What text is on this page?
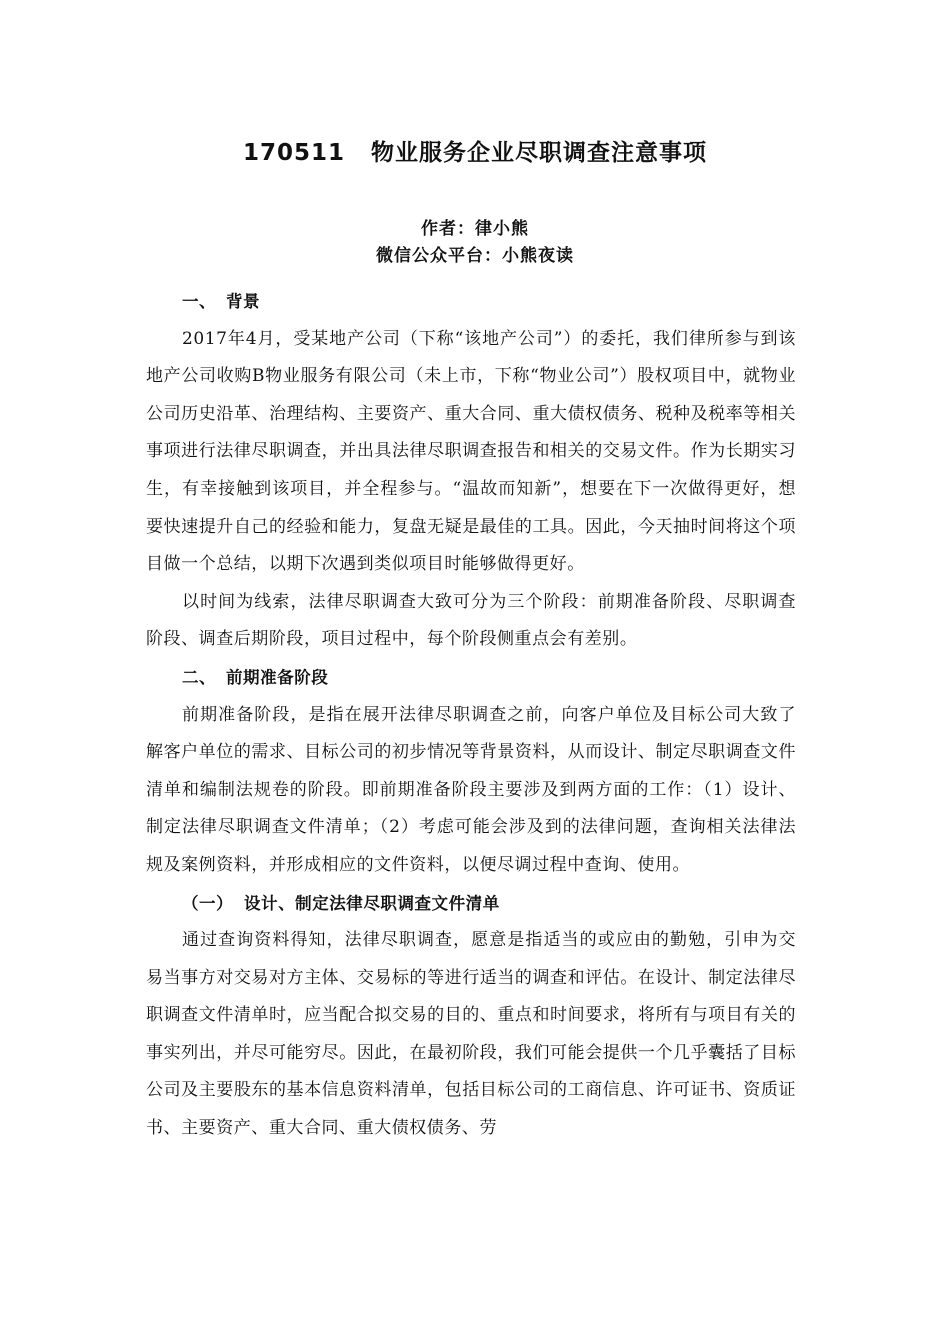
170511 物业服务企业尽职调查注意事项
作者：律小熊
微信公众平台：小熊夜读
一、 背景

2017年4月，受某地产公司（下称“该地产公司”）的委托，我们律所参与到该地产公司收购B物业服务有限公司（未上市，下称“物业公司”）股权项目中，就物业公司历史沿革、治理结构、主要资产、重大合同、重大债权债务、税种及税率等相关事项进行法律尽职调查，并出具法律尽职调查报告和相关的交易文件。作为长期实习生，有幸接触到该项目，并全程参与。“温故而知新”，想要在下一次做得更好，想要快速提升自己的经验和能力，复盘无疑是最佳的工具。因此，今天抽时间将这个项目做一个总结，以期下次遇到类似项目时能够做得更好。

以时间为线索，法律尽职调查大致可分为三个阶段：前期准备阶段、尽职调查阶段、调查后期阶段，项目过程中，每个阶段侧重点会有差别。

二、 前期准备阶段

前期准备阶段，是指在展开法律尽职调查之前，向客户单位及目标公司大致了解客户单位的需求、目标公司的初步情况等背景资料，从而设计、制定尽职调查文件清单和编制法规卷的阶段。即前期准备阶段主要涉及到两方面的工作：（1）设计、制定法律尽职调查文件清单；（2）考虑可能会涉及到的法律问题，查询相关法律法规及案例资料，并形成相应的文件资料，以便尽调过程中查询、使用。

（一） 设计、制定法律尽职调查文件清单

通过查询资料得知，法律尽职调查，愿意是指适当的或应由的勤勉，引申为交易当事方对交易对方主体、交易标的等进行适当的调查和评估。在设计、制定法律尽职调查文件清单时，应当配合拟交易的目的、重点和时间要求，将所有与项目有关的事实列出，并尽可能穷尽。因此，在最初阶段，我们可能会提供一个几乎囊括了目标公司及主要股东的基本信息资料清单，包括目标公司的工商信息、许可证书、资质证书、主要资产、重大合同、重大债权债务、劳
